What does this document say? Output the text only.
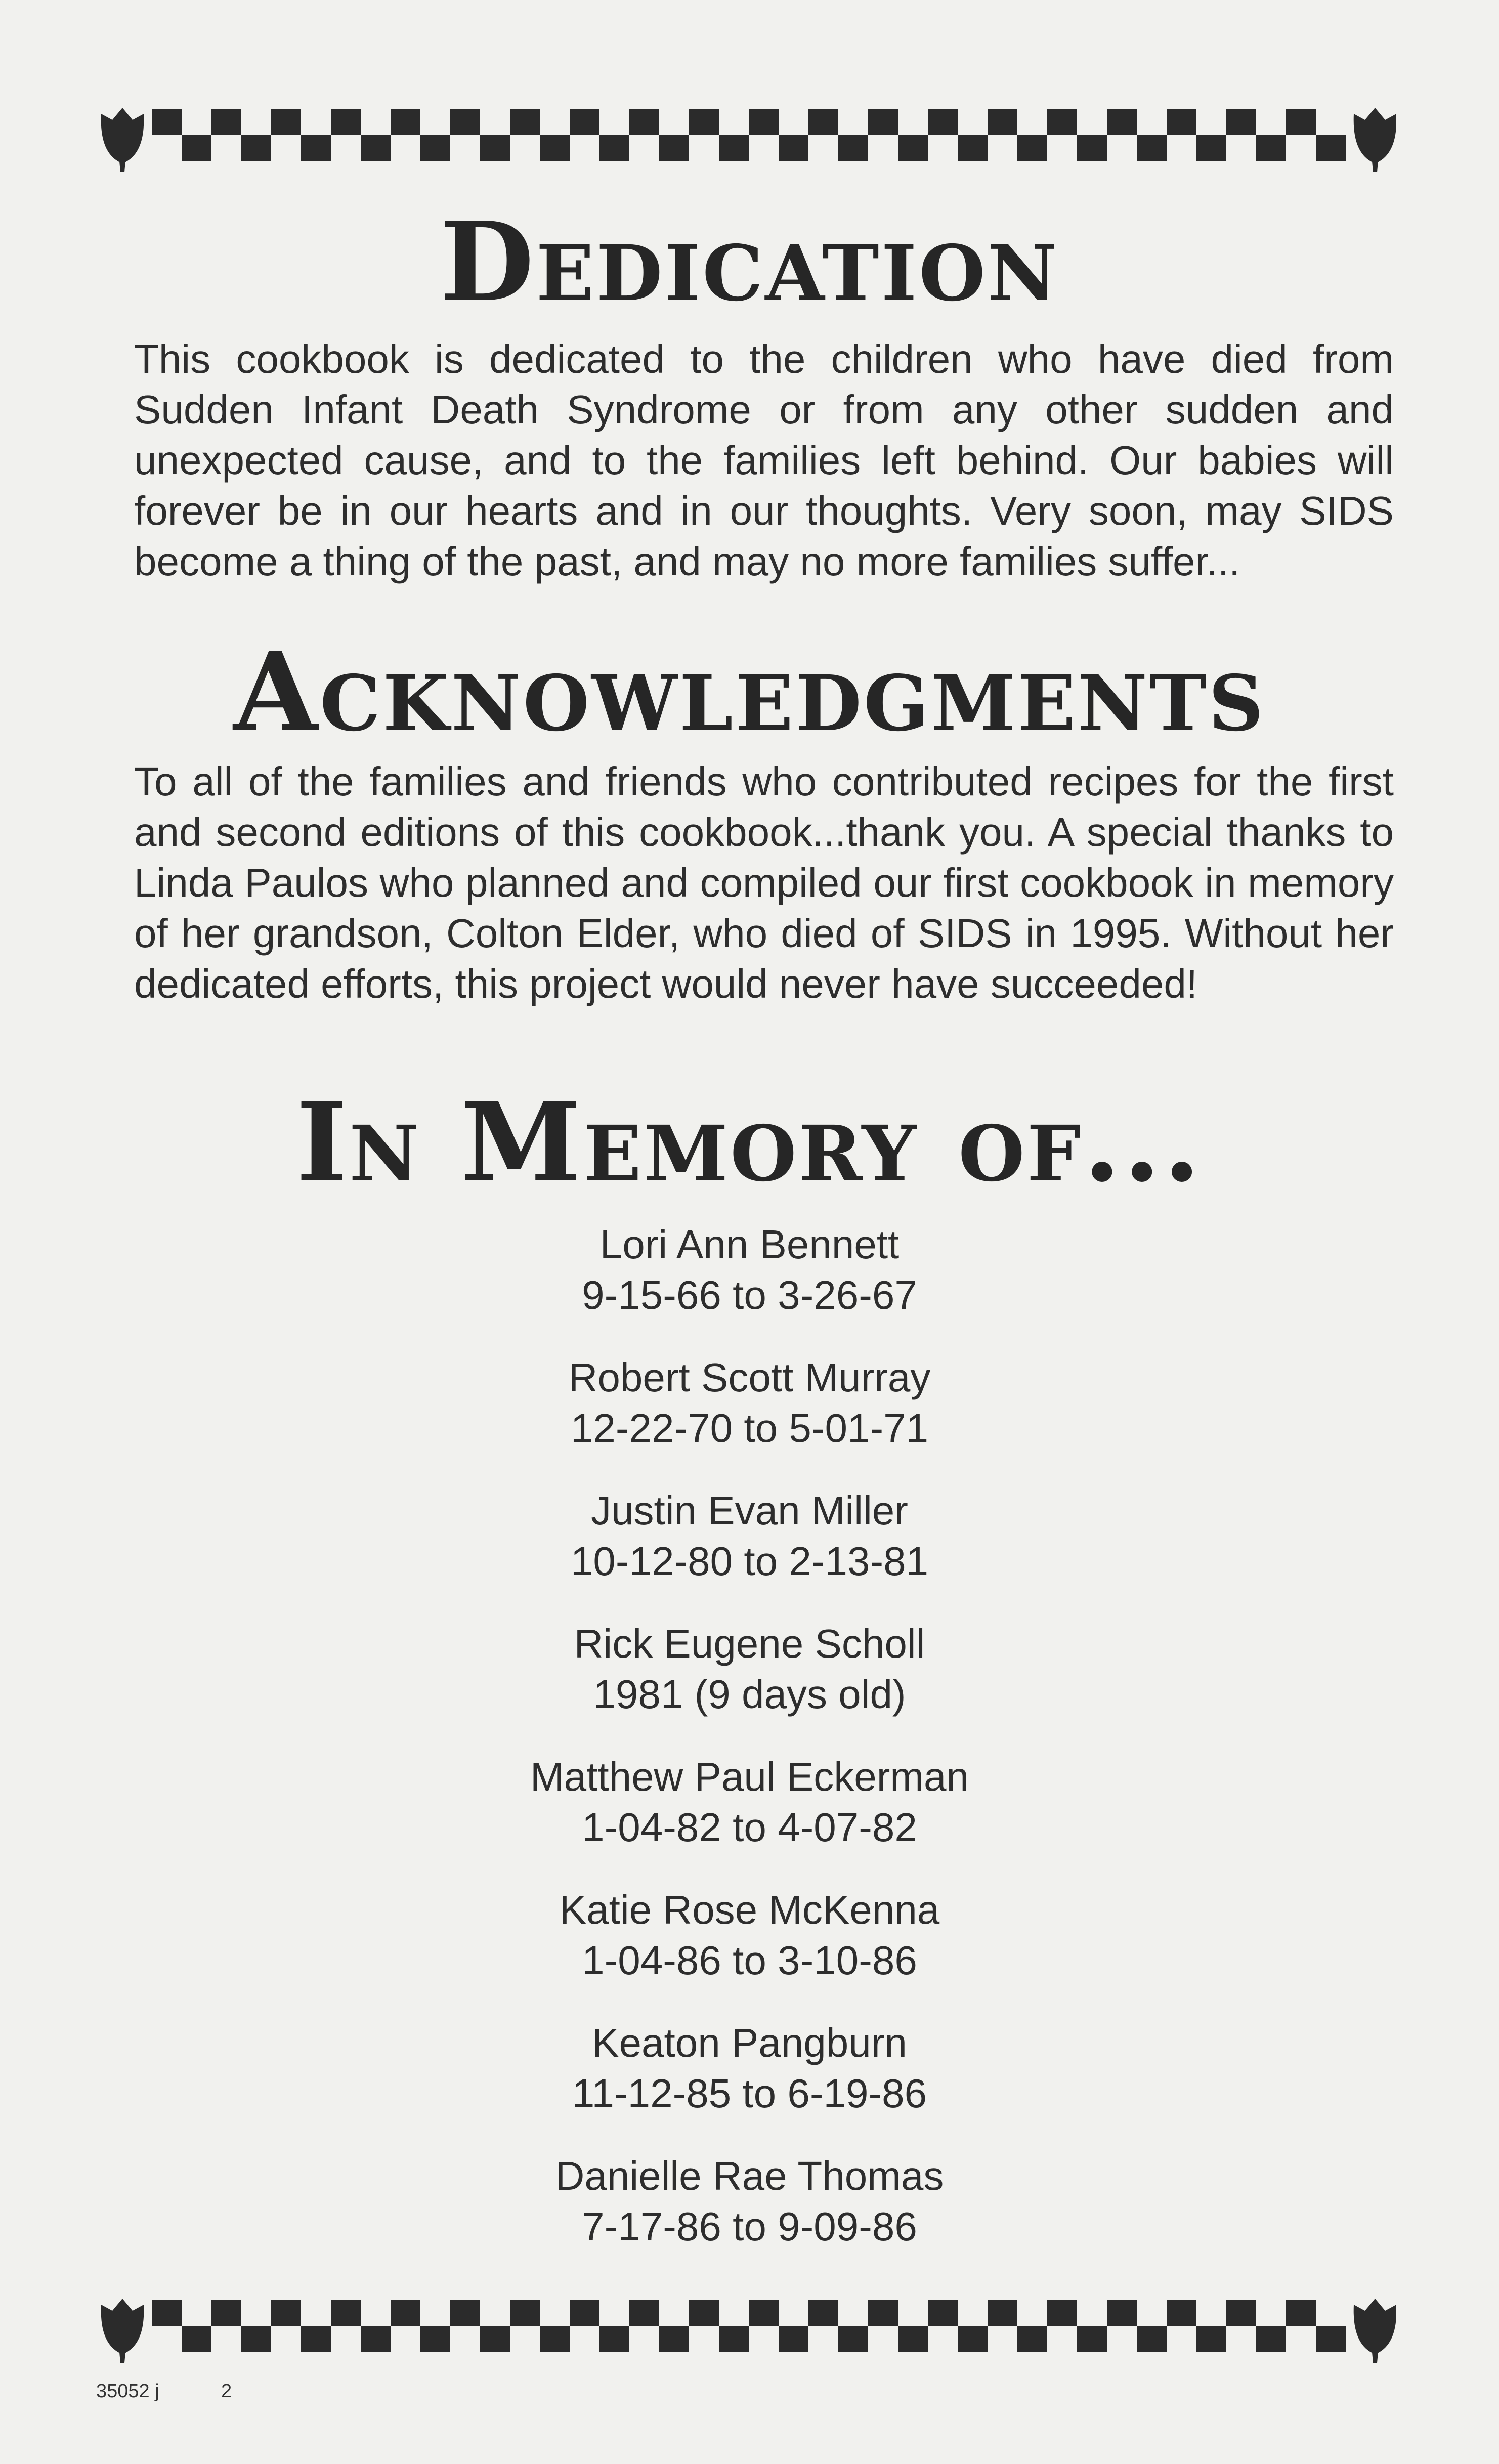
Dedication

This cookbook is dedicated to the children who have died from Sudden Infant Death Syndrome or from any other sudden and unexpected cause, and to the families left behind. Our babies will forever be in our hearts and in our thoughts. Very soon, may SIDS become a thing of the past, and may no more families suffer...

Acknowledgments

To all of the families and friends who contributed recipes for the first and second editions of this cookbook...thank you. A special thanks to Linda Paulos who planned and compiled our first cookbook in memory of her grandson, Colton Elder, who died of SIDS in 1995. Without her dedicated efforts, this project would never have succeeded!

In Memory of...
Lori Ann Bennett
9-15-66 to 3-26-67
Robert Scott Murray
12-22-70 to 5-01-71
Justin Evan Miller
10-12-80 to 2-13-81
Rick Eugene Scholl
1981 (9 days old)
Matthew Paul Eckerman
1-04-82 to 4-07-82
Katie Rose McKenna
1-04-86 to 3-10-86
Keaton Pangburn
11-12-85 to 6-19-86
Danielle Rae Thomas
7-17-86 to 9-09-86
35052 j	2
